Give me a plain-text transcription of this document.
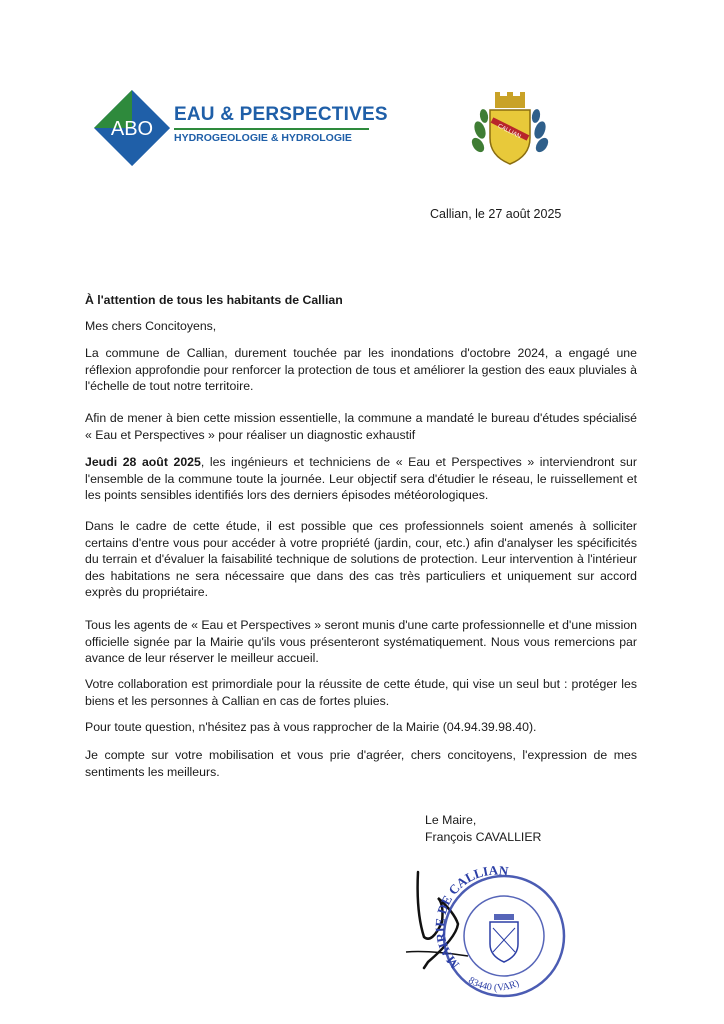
ABO
EAU & PERSPECTIVES
HYDROGEOLOGIE & HYDROLOGIE	CALLIAN
Callian, le 27 août 2025
À l'attention de tous les habitants de Callian
Mes chers Concitoyens,
La commune de Callian, durement touchée par les inondations d'octobre 2024, a engagé une réflexion approfondie pour renforcer la protection de tous et améliorer la gestion des eaux pluviales à l'échelle de tout notre territoire.
Afin de mener à bien cette mission essentielle, la commune a mandaté le bureau d'études spécialisé « Eau et Perspectives » pour réaliser un diagnostic exhaustif
Jeudi 28 août 2025, les ingénieurs et techniciens de « Eau et Perspectives » interviendront sur l'ensemble de la commune toute la journée. Leur objectif sera d'étudier le réseau, le ruissellement et les points sensibles identifiés lors des derniers épisodes météorologiques.
Dans le cadre de cette étude, il est possible que ces professionnels soient amenés à solliciter certains d'entre vous pour accéder à votre propriété (jardin, cour, etc.) afin d'analyser les spécificités du terrain et d'évaluer la faisabilité technique de solutions de protection. Leur intervention à l'intérieur des habitations ne sera nécessaire que dans des cas très particuliers et uniquement sur accord exprès du propriétaire.
Tous les agents de « Eau et Perspectives » seront munis d'une carte professionnelle et d'une mission officielle signée par la Mairie qu'ils vous présenteront systématiquement. Nous vous remercions par avance de leur réserver le meilleur accueil.
Votre collaboration est primordiale pour la réussite de cette étude, qui vise un seul but : protéger les biens et les personnes à Callian en cas de fortes pluies.
Pour toute question, n'hésitez pas à vous rapprocher de la Mairie (04.94.39.98.40).
Je compte sur votre mobilisation et vous prie d'agréer, chers concitoyens, l'expression de mes sentiments les meilleurs.
Le Maire,
François CAVALLIER
MAIRIE DE CALLIAN
83440 (VAR)
